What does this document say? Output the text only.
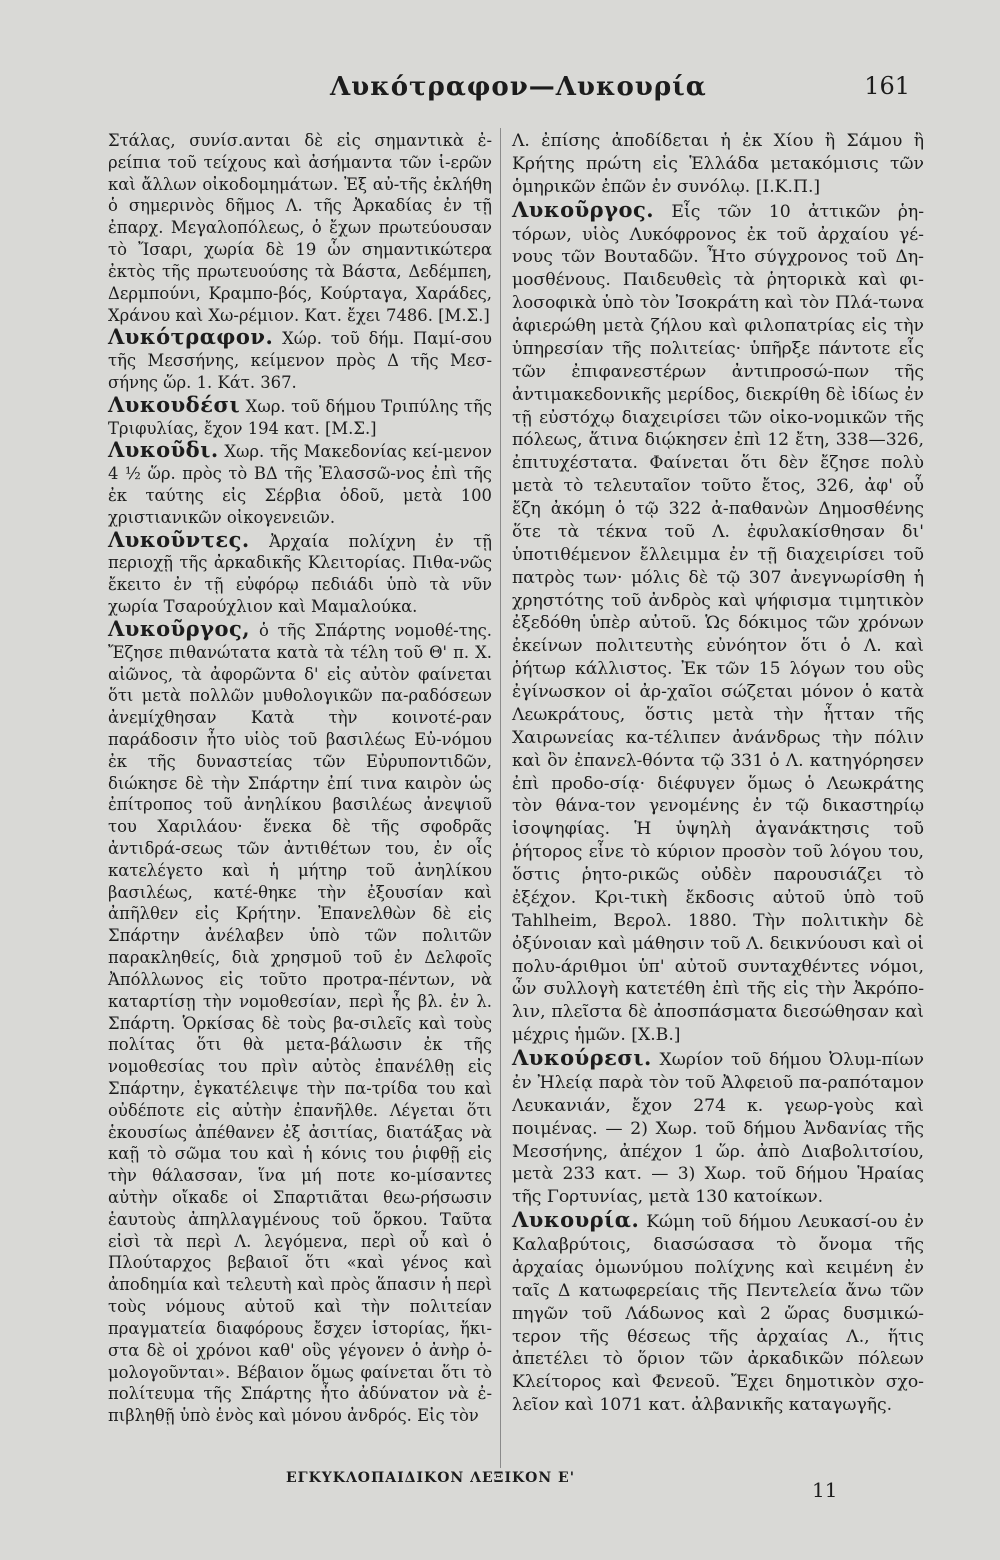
Λυκότραφον—Λυκουρία	161

Στάλας, συνίσ.ανται δὲ εἰς σημαντικὰ ἐ-ρείπια τοῦ τείχους καὶ ἀσήμαντα τῶν ἱ-ερῶν καὶ ἄλλων οἰκοδομημάτων. Ἐξ αὐ-τῆς ἐκλήθη ὁ σημερινὸς δῆμος Λ. τῆς Ἀρκαδίας ἐν τῇ ἐπαρχ. Μεγαλοπόλεως, ὁ ἔχων πρωτεύουσαν τὸ Ἴσαρι, χωρία δὲ 19 ὧν σημαντικώτερα ἐκτὸς τῆς πρωτευούσης τὰ Βάστα, Δεδέμπεη, Δερμπούνι, Κραμπο-βός, Κούρταγα, Χαράδες, Χράνου καὶ Χω-ρέμιον. Κατ. ἔχει 7486. [Μ.Σ.]

Λυκότραφον. Χώρ. τοῦ δήμ. Παμί-σου τῆς Μεσσήνης, κείμενον πρὸς Δ τῆς Μεσ-σήνης ὥρ. 1. Κάτ. 367.

Λυκουδέσι Χωρ. τοῦ δήμου Τριπύλης τῆς Τριφυλίας, ἔχον 194 κατ. [Μ.Σ.]

Λυκοῦδι. Χωρ. τῆς Μακεδονίας κεί-μενον 4 ½ ὥρ. πρὸς τὸ ΒΔ τῆς Ἐλασσῶ-νος ἐπὶ τῆς ἐκ ταύτης εἰς Σέρβια ὁδοῦ, μετὰ 100 χριστιανικῶν οἰκογενειῶν.

Λυκοῦντες. Ἀρχαία πολίχνη ἐν τῇ περιοχῇ τῆς ἀρκαδικῆς Κλειτορίας. Πιθα-νῶς ἔκειτο ἐν τῇ εὐφόρῳ πεδιάδι ὑπὸ τὰ νῦν χωρία Τσαρούχλιον καὶ Μαμαλούκα.

Λυκοῦργος, ὁ τῆς Σπάρτης νομοθέ-της. Ἔζησε πιθανώτατα κατὰ τὰ τέλη τοῦ Θ' π. Χ. αἰῶνος, τὰ ἀφορῶντα δ' εἰς αὐτὸν φαίνεται ὅτι μετὰ πολλῶν μυθολογικῶν πα-ραδόσεων ἀνεμίχθησαν Κατὰ τὴν κοινοτέ-ραν παράδοσιν ἦτο υἱὸς τοῦ βασιλέως Εὐ-νόμου ἐκ τῆς δυναστείας τῶν Εὐρυποντιδῶν, διώκησε δὲ τὴν Σπάρτην ἐπί τινα καιρὸν ὡς ἐπίτροπος τοῦ ἀνηλίκου βασιλέως ἀνεψιοῦ του Χαριλάου· ἕνεκα δὲ τῆς σφοδρᾶς ἀντιδρά-σεως τῶν ἀντιθέτων του, ἐν οἷς κατελέγετο καὶ ἡ μήτηρ τοῦ ἀνηλίκου βασιλέως, κατέ-θηκε τὴν ἐξουσίαν καὶ ἀπῆλθεν εἰς Κρήτην. Ἐπανελθὼν δὲ εἰς Σπάρτην ἀνέλαβεν ὑπὸ τῶν πολιτῶν παρακληθείς, διὰ χρησμοῦ τοῦ ἐν Δελφοῖς Ἀπόλλωνος εἰς τοῦτο προτρα-πέντων, νὰ καταρτίσῃ τὴν νομοθεσίαν, περὶ ἧς βλ. ἐν λ. Σπάρτη. Ὁρκίσας δὲ τοὺς βα-σιλεῖς καὶ τοὺς πολίτας ὅτι θὰ μετα-βάλωσιν ἐκ τῆς νομοθεσίας του πρὶν αὐτὸς ἐπανέλθῃ εἰς Σπάρτην, ἐγκατέλειψε τὴν πα-τρίδα του καὶ οὐδέποτε εἰς αὐτὴν ἐπανῆλθε. Λέγεται ὅτι ἑκουσίως ἀπέθανεν ἐξ ἀσιτίας, διατάξας νὰ καῇ τὸ σῶμα του καὶ ἡ κόνις του ῥιφθῇ εἰς τὴν θάλασσαν, ἵνα μή ποτε κο-μίσαντες αὐτὴν οἴκαδε οἱ Σπαρτιᾶται θεω-ρήσωσιν ἑαυτοὺς ἀπηλλαγμένους τοῦ ὅρκου. Ταῦτα εἰσὶ τὰ περὶ Λ. λεγόμενα, περὶ οὗ καὶ ὁ Πλούταρχος βεβαιοῖ ὅτι «καὶ γένος καὶ ἀποδημία καὶ τελευτὴ καὶ πρὸς ἅπασιν ἡ περὶ τοὺς νόμους αὐτοῦ καὶ τὴν πολιτείαν πραγματεία διαφόρους ἔσχεν ἱστορίας, ἥκι-στα δὲ οἱ χρόνοι καθ' οὓς γέγονεν ὁ ἀνὴρ ὁ-μολογοῦνται». Βέβαιον ὅμως φαίνεται ὅτι τὸ πολίτευμα τῆς Σπάρτης ἦτο ἀδύνατον νὰ ἐ-πιβληθῇ ὑπὸ ἑνὸς καὶ μόνου ἀνδρός. Εἰς τὸν

Λ. ἐπίσης ἀποδίδεται ἡ ἐκ Χίου ἢ Σάμου ἢ Κρήτης πρώτη εἰς Ἑλλάδα μετακόμισις τῶν ὁμηρικῶν ἐπῶν ἐν συνόλῳ. [Ι.Κ.Π.]

Λυκοῦργος. Εἷς τῶν 10 ἀττικῶν ῥη-τόρων, υἱὸς Λυκόφρονος ἐκ τοῦ ἀρχαίου γέ-νους τῶν Βουταδῶν. Ἦτο σύγχρονος τοῦ Δη-μοσθένους. Παιδευθεὶς τὰ ῥητορικὰ καὶ φι-λοσοφικὰ ὑπὸ τὸν Ἰσοκράτη καὶ τὸν Πλά-τωνα ἀφιερώθη μετὰ ζήλου καὶ φιλοπατρίας εἰς τὴν ὑπηρεσίαν τῆς πολιτείας· ὑπῆρξε πάντοτε εἷς τῶν ἐπιφανεστέρων ἀντιπροσώ-πων τῆς ἀντιμακεδονικῆς μερίδος, διεκρίθη δὲ ἰδίως ἐν τῇ εὐστόχῳ διαχειρίσει τῶν οἰκο-νομικῶν τῆς πόλεως, ἅτινα διῴκησεν ἐπὶ 12 ἔτη, 338—326, ἐπιτυχέστατα. Φαίνεται ὅτι δὲν ἔζησε πολὺ μετὰ τὸ τελευταῖον τοῦτο ἔτος, 326, ἀφ' οὗ ἔζη ἀκόμη ὁ τῷ 322 ἀ-παθανὼν Δημοσθένης ὅτε τὰ τέκνα τοῦ Λ. ἐφυλακίσθησαν δι' ὑποτιθέμενον ἔλλειμμα ἐν τῇ διαχειρίσει τοῦ πατρὸς των· μόλις δὲ τῷ 307 ἀνεγνωρίσθη ἡ χρηστότης τοῦ ἀνδρὸς καὶ ψήφισμα τιμητικὸν ἐξεδόθη ὑπὲρ αὐτοῦ. Ὡς δόκιμος τῶν χρόνων ἐκείνων πολιτευτὴς εὐνόητον ὅτι ὁ Λ. καὶ ῥήτωρ κάλλιστος. Ἐκ τῶν 15 λόγων του οὓς ἐγίνωσκον οἱ ἀρ-χαῖοι σώζεται μόνον ὁ κατὰ Λεωκράτους, ὅστις μετὰ τὴν ἧτταν τῆς Χαιρωνείας κα-τέλιπεν ἀνάνδρως τὴν πόλιν καὶ ὃν ἐπανελ-θόντα τῷ 331 ὁ Λ. κατηγόρησεν ἐπὶ προδο-σίᾳ· διέφυγεν ὅμως ὁ Λεωκράτης τὸν θάνα-τον γενομένης ἐν τῷ δικαστηρίῳ ἰσοψηφίας. Ἡ ὑψηλὴ ἀγανάκτησις τοῦ ῥήτορος εἶνε τὸ κύριον προσὸν τοῦ λόγου του, ὅστις ῥητο-ρικῶς οὐδὲν παρουσιάζει τὸ ἐξέχον. Κρι-τικὴ ἔκδοσις αὐτοῦ ὑπὸ τοῦ Tahlheim, Βερολ. 1880. Τὴν πολιτικὴν δὲ ὀξύνοιαν καὶ μάθησιν τοῦ Λ. δεικνύουσι καὶ οἱ πολυ-άριθμοι ὑπ' αὐτοῦ συνταχθέντες νόμοι, ὧν συλλογὴ κατετέθη ἐπὶ τῆς εἰς τὴν Ἀκρόπο-λιν, πλεῖστα δὲ ἀποσπάσματα διεσώθησαν καὶ μέχρις ἡμῶν. [Χ.Β.]

Λυκούρεσι. Χωρίον τοῦ δήμου Ὀλυμ-πίων ἐν Ἠλείᾳ παρὰ τὸν τοῦ Ἀλφειοῦ πα-ραπόταμον Λευκανιάν, ἔχον 274 κ. γεωρ-γοὺς καὶ ποιμένας. — 2) Χωρ. τοῦ δήμου Ἀνδανίας τῆς Μεσσήνης, ἀπέχον 1 ὥρ. ἀπὸ Διαβολιτσίου, μετὰ 233 κατ. — 3) Χωρ. τοῦ δήμου Ἡραίας τῆς Γορτυνίας, μετὰ 130 κατοίκων.

Λυκουρία. Κώμη τοῦ δήμου Λευκασί-ου ἐν Καλαβρύτοις, διασώσασα τὸ ὄνομα τῆς ἀρχαίας ὁμωνύμου πολίχνης καὶ κειμένη ἐν ταῖς Δ κατωφερείαις τῆς Πεντελεία ἄνω τῶν πηγῶν τοῦ Λάδωνος καὶ 2 ὥρας δυσμικώ-τερον τῆς θέσεως τῆς ἀρχαίας Λ., ἥτις ἀπετέλει τὸ ὅριον τῶν ἀρκαδικῶν πόλεων Κλείτορος καὶ Φενεοῦ. Ἔχει δημοτικὸν σχο-λεῖον καὶ 1071 κατ. ἀλβανικῆς καταγωγῆς.

ΕΓΚΥΚΛΟΠΑΙΔΙΚΟΝ ΛΕΞΙΚΟΝ Ε'	11
